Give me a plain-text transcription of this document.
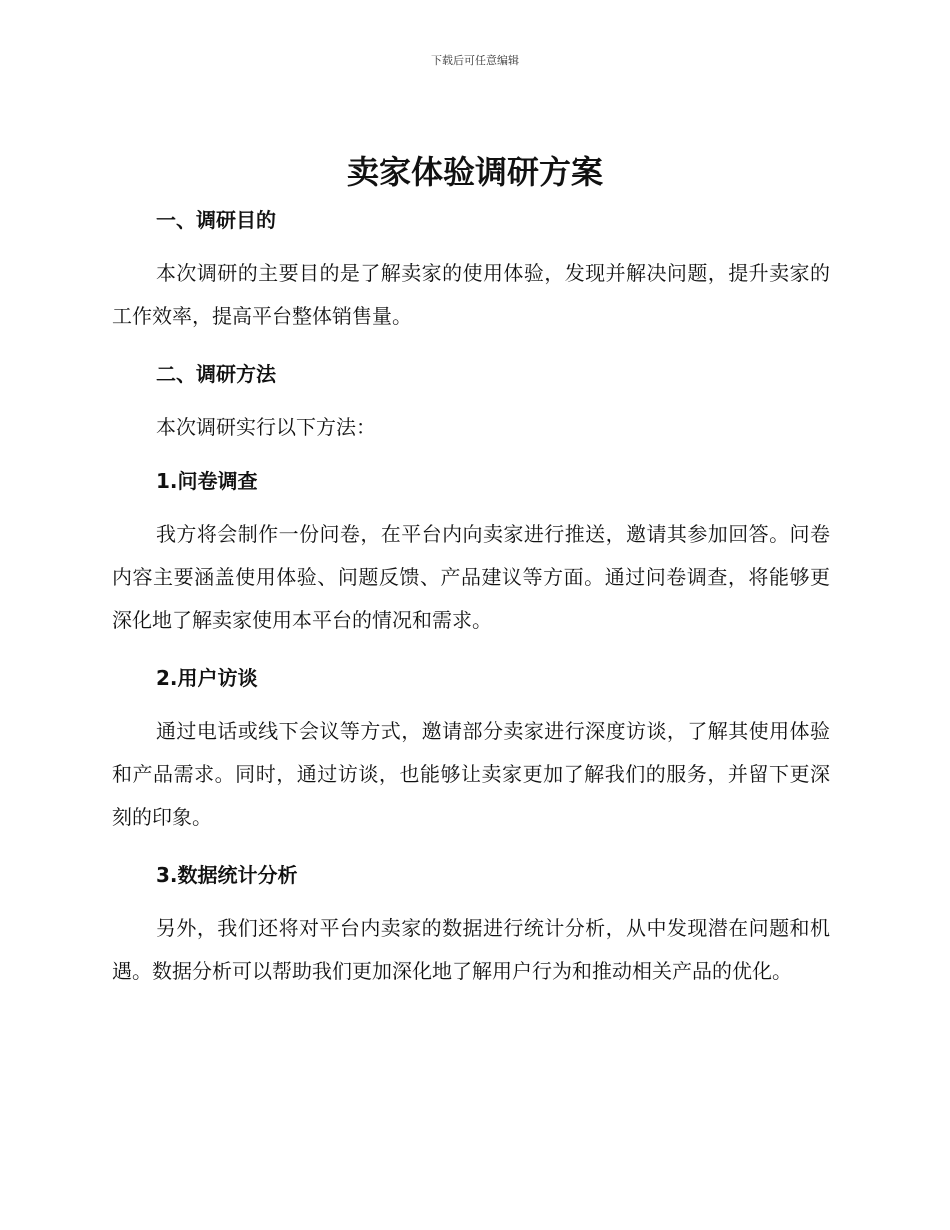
下载后可任意编辑
卖家体验调研方案
一、调研目的

本次调研的主要目的是了解卖家的使用体验，发现并解决问题，提升卖家的工作效率，提高平台整体销售量。

二、调研方法

本次调研实行以下方法：

1.问卷调查

我方将会制作一份问卷，在平台内向卖家进行推送，邀请其参加回答。问卷内容主要涵盖使用体验、问题反馈、产品建议等方面。通过问卷调查，将能够更深化地了解卖家使用本平台的情况和需求。

2.用户访谈

通过电话或线下会议等方式，邀请部分卖家进行深度访谈，了解其使用体验和产品需求。同时，通过访谈，也能够让卖家更加了解我们的服务，并留下更深刻的印象。

3.数据统计分析

另外，我们还将对平台内卖家的数据进行统计分析，从中发现潜在问题和机遇。数据分析可以帮助我们更加深化地了解用户行为和推动相关产品的优化。
